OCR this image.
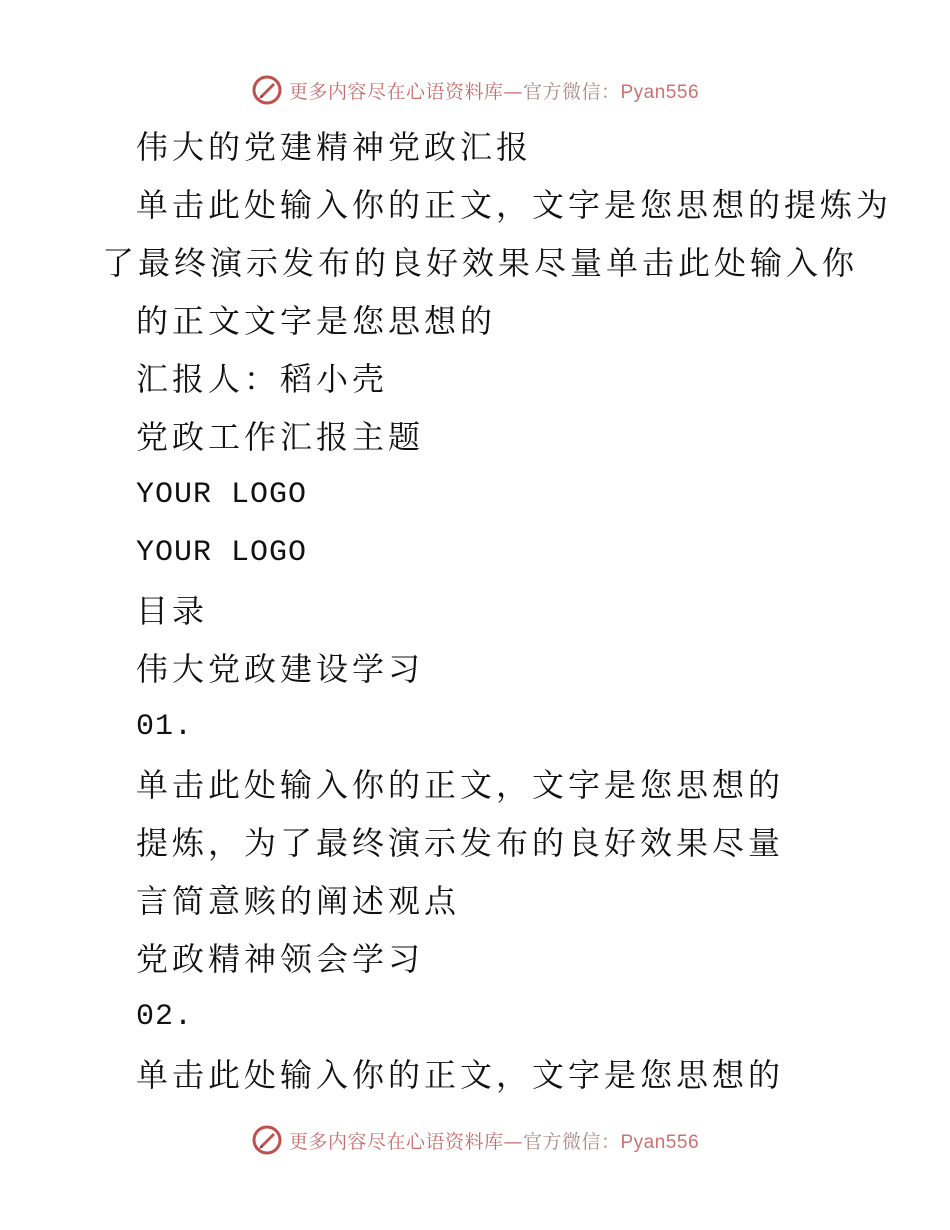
更多内容尽在心语资料库—官方微信：Pyan556
伟大的党建精神党政汇报
单击此处输入你的正文，文字是您思想的提炼为
了最终演示发布的良好效果尽量单击此处输入你
的正文文字是您思想的
汇报人：稻小壳
党政工作汇报主题
YOUR LOGO
YOUR LOGO
目录
伟大党政建设学习
01.
单击此处输入你的正文，文字是您思想的
提炼，为了最终演示发布的良好效果尽量
言简意赅的阐述观点
党政精神领会学习
02.
单击此处输入你的正文，文字是您思想的
更多内容尽在心语资料库—官方微信：Pyan556
